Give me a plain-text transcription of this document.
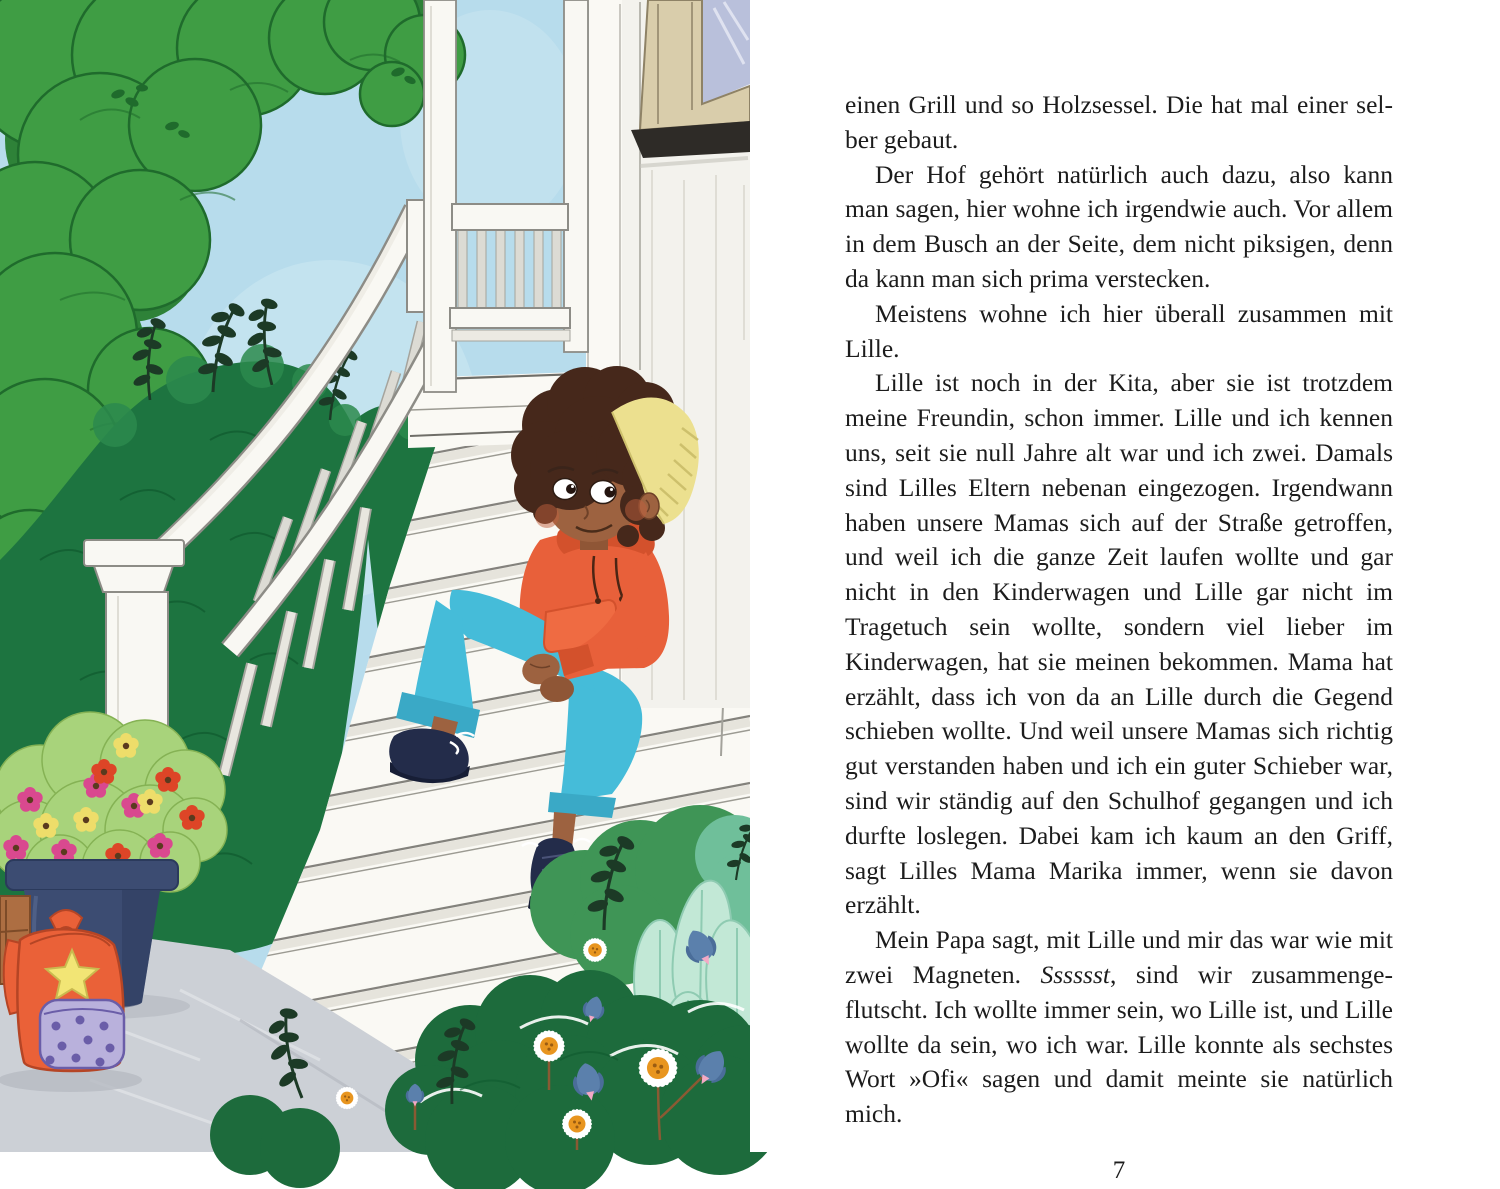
einen Grill und so Holzsessel. Die hat mal einer selber gebaut.

Der Hof gehört natürlich auch dazu, also kann man sagen, hier wohne ich irgendwie auch. Vor allem in dem Busch an der Seite, dem nicht piksigen, denn da kann man sich prima verstecken.

Meistens wohne ich hier überall zusammen mit Lille.

Lille ist noch in der Kita, aber sie ist trotzdem meine Freundin, schon immer. Lille und ich kennen uns, seit sie null Jahre alt war und ich zwei. Damals sind Lilles Eltern nebenan eingezogen. Irgendwann haben unsere Mamas sich auf der Straße getroffen, und weil ich die ganze Zeit laufen wollte und gar nicht in den Kinderwagen und Lille gar nicht im Tragetuch sein wollte, sondern viel lieber im Kinderwagen, hat sie meinen bekommen. Mama hat erzählt, dass ich von da an Lille durch die Gegend schieben wollte. Und weil unsere Mamas sich richtig gut verstanden haben und ich ein guter Schieber war, sind wir ständig auf den Schulhof gegangen und ich durfte loslegen. Dabei kam ich kaum an den Griff, sagt Lilles Mama Marika immer, wenn sie davon erzählt.

Mein Papa sagt, mit Lille und mir das war wie mit zwei Magneten. Sssssst, sind wir zusammengeflutscht. Ich wollte immer sein, wo Lille ist, und Lille wollte da sein, wo ich war. Lille konnte als sechstes Wort »Ofi« sagen und damit meinte sie natürlich mich.

7
